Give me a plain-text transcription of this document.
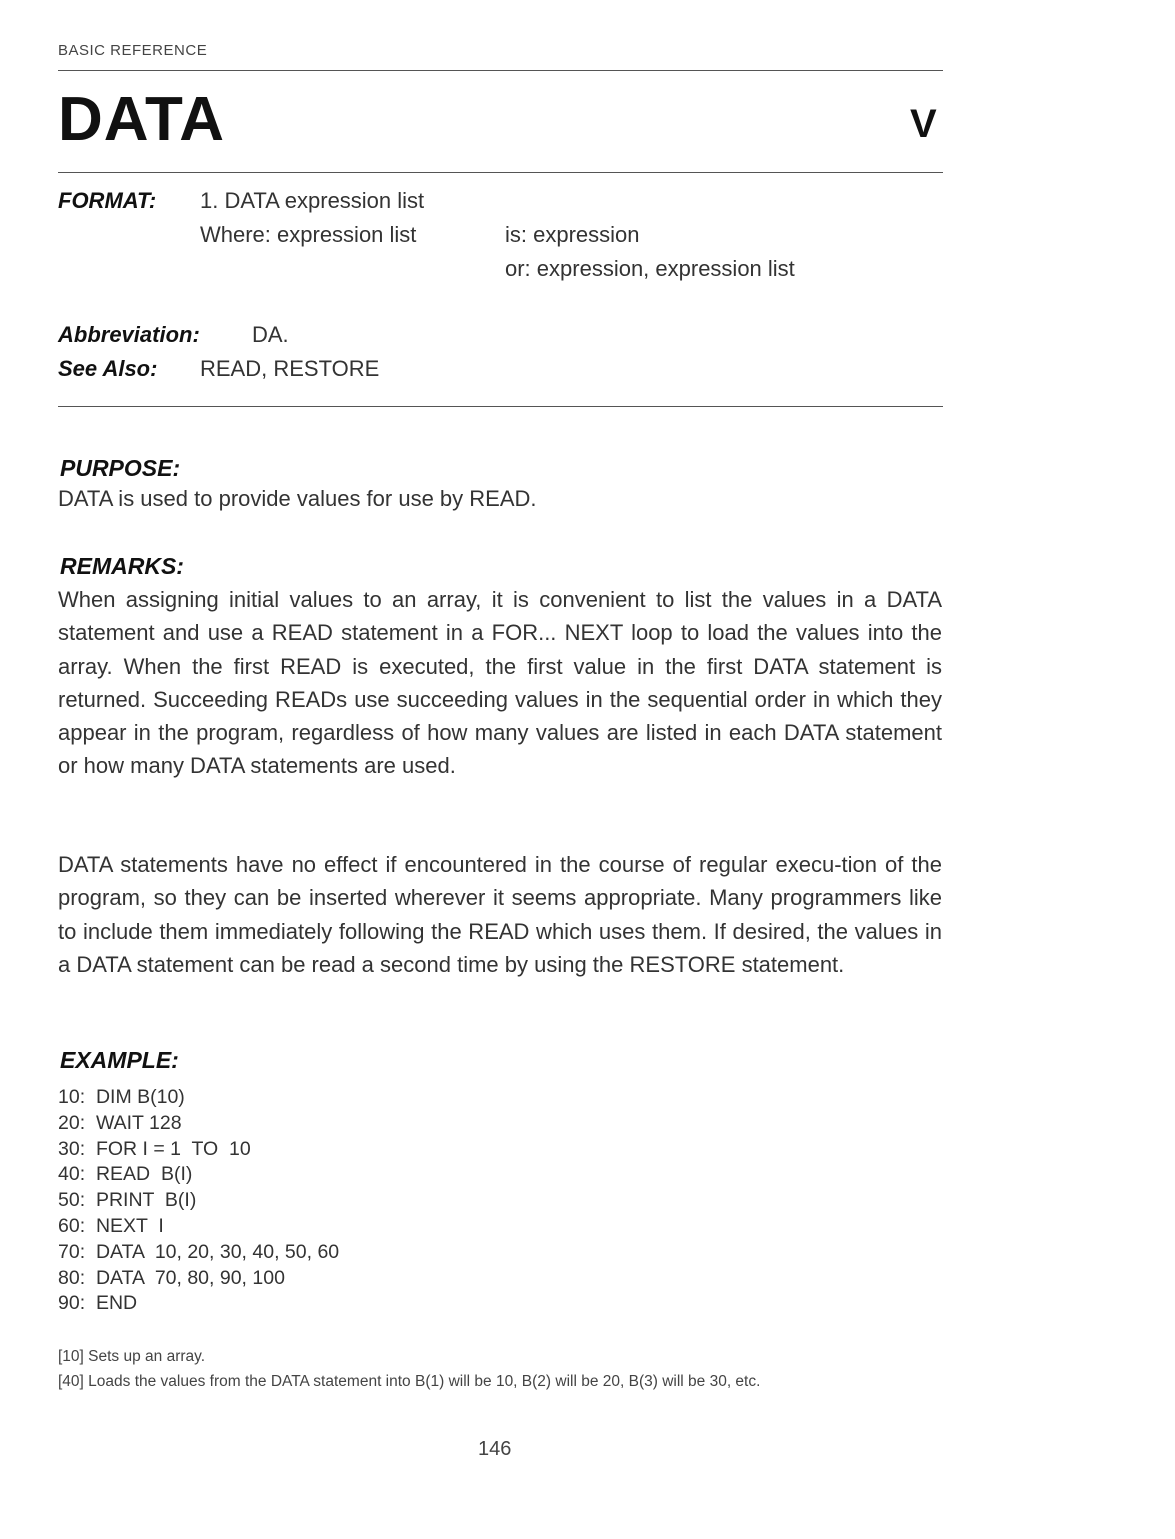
BASIC REFERENCE
DATA	V
FORMAT: 1. DATA expression list
Where: expression list	is: expression
or: expression, expression list
Abbreviation: DA.
See Also: READ, RESTORE
PURPOSE:
DATA is used to provide values for use by READ.
REMARKS:
When assigning initial values to an array, it is convenient to list the values in a DATA statement and use a READ statement in a FOR... NEXT loop to load the values into the array. When the first READ is executed, the first value in the first DATA statement is returned. Succeeding READs use succeeding values in the sequential order in which they appear in the program, regardless of how many values are listed in each DATA statement or how many DATA statements are used.
DATA statements have no effect if encountered in the course of regular execu-tion of the program, so they can be inserted wherever it seems appropriate. Many programmers like to include them immediately following the READ which uses them. If desired, the values in a DATA statement can be read a second time by using the RESTORE statement.
EXAMPLE:
10:  DIM B(10)
20:  WAIT 128
30:  FOR I = 1  TO  10
40:  READ  B(I)
50:  PRINT  B(I)
60:  NEXT  I
70:  DATA  10, 20, 30, 40, 50, 60
80:  DATA  70, 80, 90, 100
90:  END
[10] Sets up an array.
[40] Loads the values from the DATA statement into B(1) will be 10, B(2) will be 20, B(3) will be 30, etc.
146
